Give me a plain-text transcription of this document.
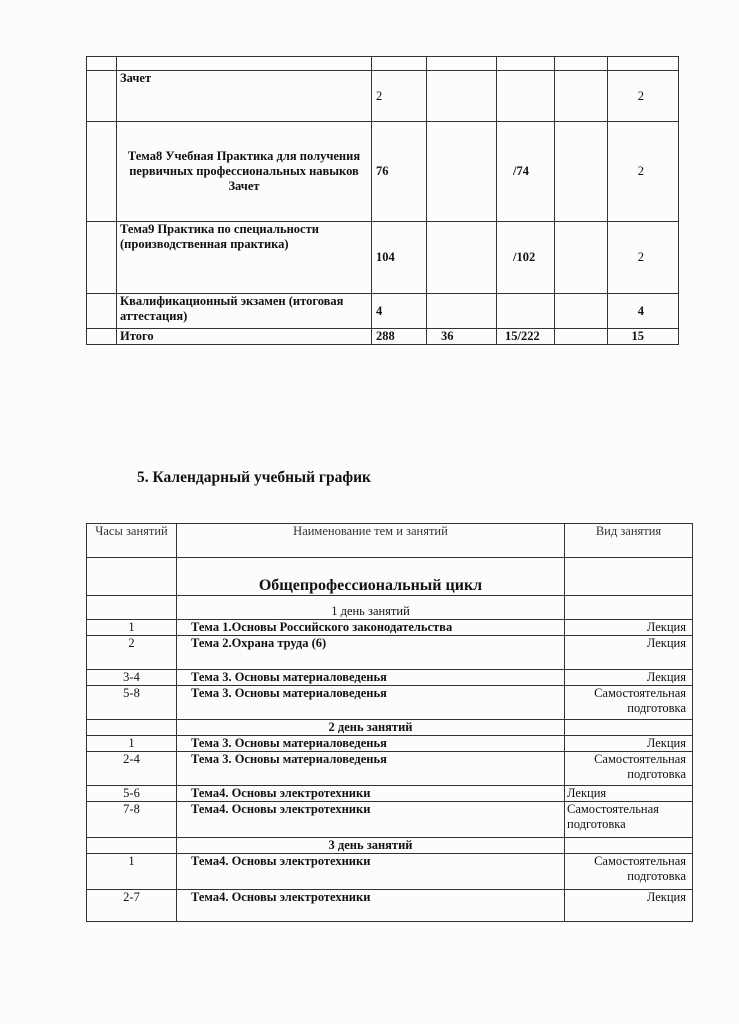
	Зачет	2				2
	Тема8 Учебная Практика для получения первичных профессиональных навыков Зачет	76		/74		2
	Тема9 Практика по специальности (производственная практика)	104		/102		2
	Квалификационный экзамен (итоговая аттестация)	4				4
	Итого	288	36	15/222		15
5. Календарный учебный график
Часы занятий	Наименование тем и занятий	Вид занятия
	Общепрофессиональный цикл	
	1 день занятий	
1	Тема 1.Основы Российского законодательства	Лекция
2	Тема 2.Охрана труда (6)	Лекция
3-4	Тема 3. Основы материаловеденья	Лекция
5-8	Тема 3. Основы материаловеденья	Самостоятельная подготовка
	2 день занятий	
1	Тема 3. Основы материаловеденья	Лекция
2-4	Тема 3. Основы материаловеденья	Самостоятельная подготовка
5-6	Тема4. Основы электротехники	Лекция
7-8	Тема4. Основы электротехники	Самостоятельная подготовка
	3 день занятий	
1	Тема4. Основы электротехники	Самостоятельная подготовка
2-7	Тема4. Основы электротехники	Лекция
